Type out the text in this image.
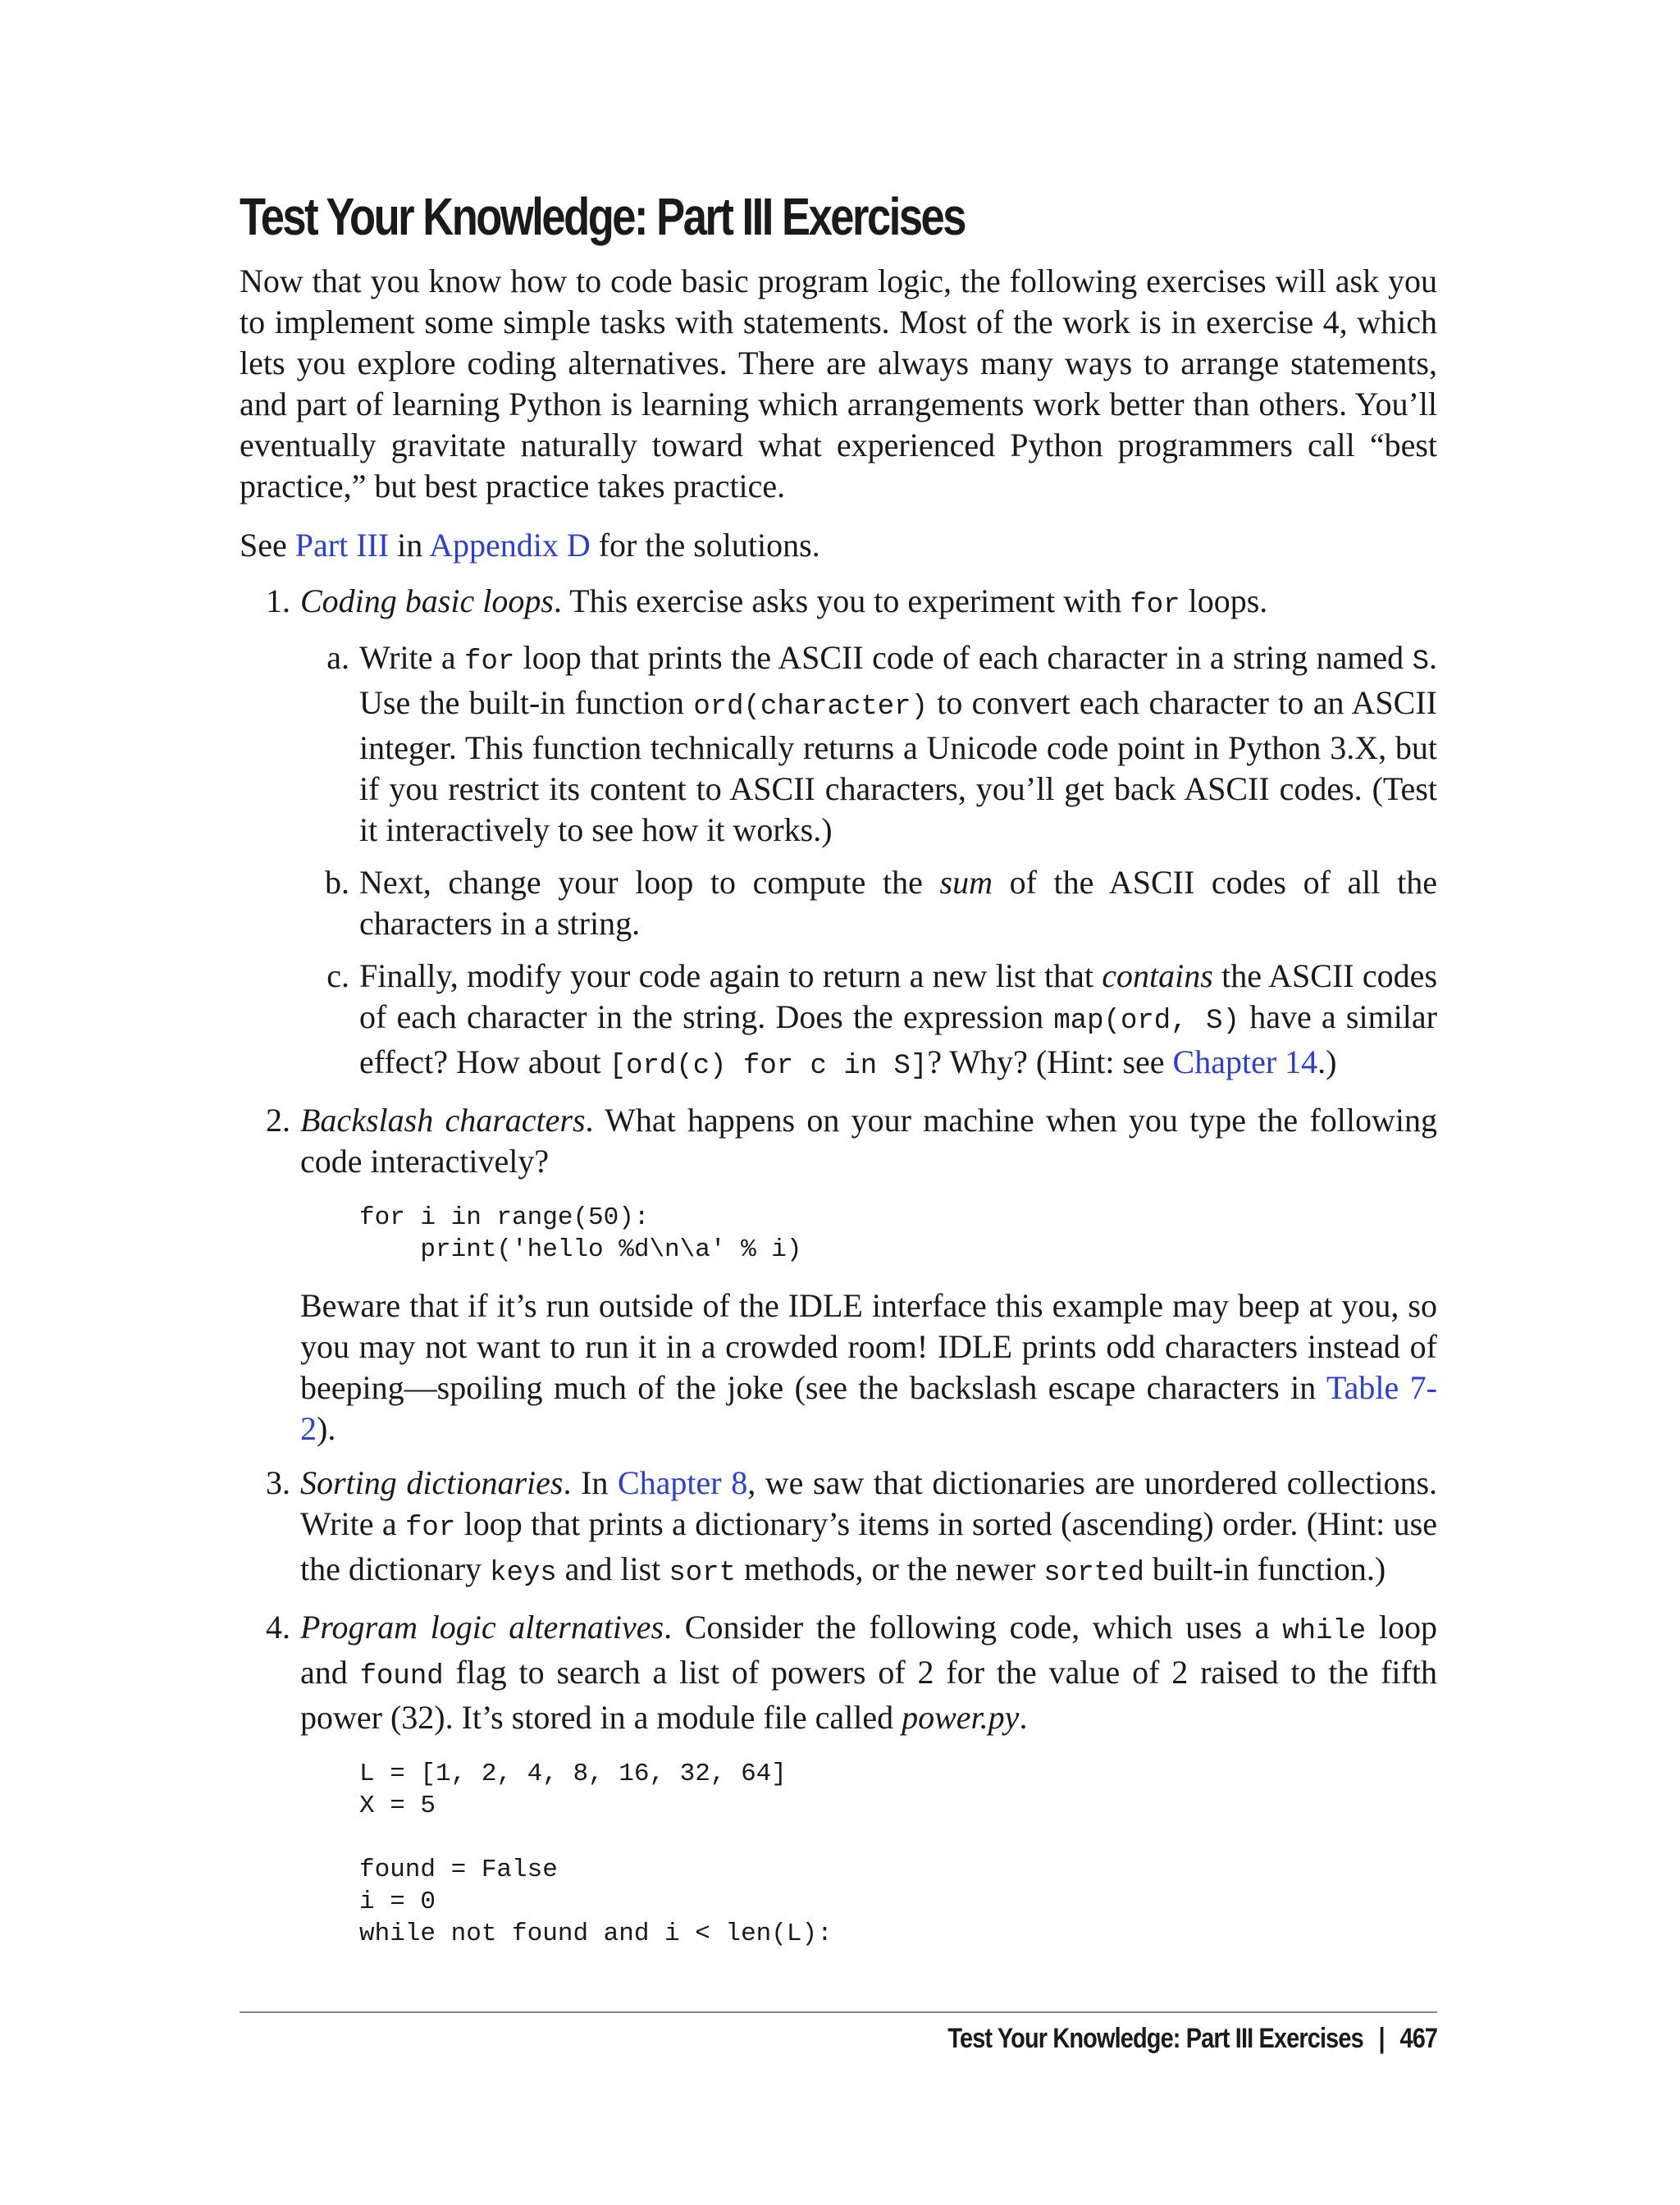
Test Your Knowledge: Part III Exercises

Now that you know how to code basic program logic, the following exercises will ask you to implement some simple tasks with statements. Most of the work is in exercise 4, which lets you explore coding alternatives. There are always many ways to arrange statements, and part of learning Python is learning which arrangements work better than others. You’ll eventually gravitate naturally toward what experienced Python programmers call “best practice,” but best practice takes practice.

See Part III in Appendix D for the solutions.

1. Coding basic loops. This exercise asks you to experiment with for loops.
a. Write a for loop that prints the ASCII code of each character in a string named S. Use the built-in function ord(character) to convert each character to an ASCII integer. This function technically returns a Unicode code point in Python 3.X, but if you restrict its content to ASCII characters, you’ll get back ASCII codes. (Test it interactively to see how it works.)
b. Next, change your loop to compute the sum of the ASCII codes of all the characters in a string.
c. Finally, modify your code again to return a new list that contains the ASCII codes of each character in the string. Does the expression map(ord, S) have a similar effect? How about [ord(c) for c in S]? Why? (Hint: see Chapter 14.)
2. Backslash characters. What happens on your machine when you type the following code interactively?
for i in range(50):
print('hello %d\n\a' % i)

Beware that if it’s run outside of the IDLE interface this example may beep at you, so you may not want to run it in a crowded room! IDLE prints odd characters instead of beeping—spoiling much of the joke (see the backslash escape characters in Table 7-2).

3. Sorting dictionaries. In Chapter 8, we saw that dictionaries are unordered collections. Write a for loop that prints a dictionary’s items in sorted (ascending) order. (Hint: use the dictionary keys and list sort methods, or the newer sorted built-in function.)
4. Program logic alternatives. Consider the following code, which uses a while loop and found flag to search a list of powers of 2 for the value of 2 raised to the fifth power (32). It’s stored in a module file called power.py.
L = [1, 2, 4, 8, 16, 32, 64]
X = 5

found = False
i = 0
while not found and i < len(L):
Test Your Knowledge: Part III Exercises | 467
